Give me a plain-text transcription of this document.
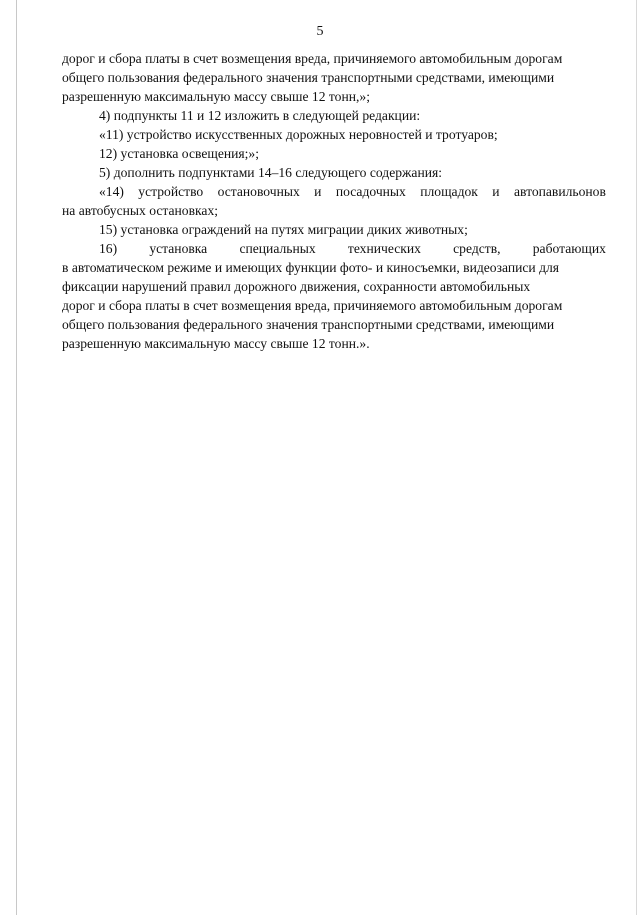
5
дорог и сбора платы в счет возмещения вреда, причиняемого автомобильным дорогам
общего пользования федерального значения транспортными средствами, имеющими
разрешенную максимальную массу свыше 12 тонн,»;
4) подпункты 11 и 12 изложить в следующей редакции:
«11) устройство искусственных дорожных неровностей и тротуаров;
12) установка освещения;»;
5) дополнить подпунктами 14–16 следующего содержания:
«14) устройство остановочных и посадочных площадок и автопавильонов
на автобусных остановках;
15) установка ограждений на путях миграции диких животных;
16) установка специальных технических средств, работающих
в автоматическом режиме и имеющих функции фото- и киносъемки, видеозаписи для
фиксации нарушений правил дорожного движения, сохранности автомобильных
дорог и сбора платы в счет возмещения вреда, причиняемого автомобильным дорогам
общего пользования федерального значения транспортными средствами, имеющими
разрешенную максимальную массу свыше 12 тонн.».
